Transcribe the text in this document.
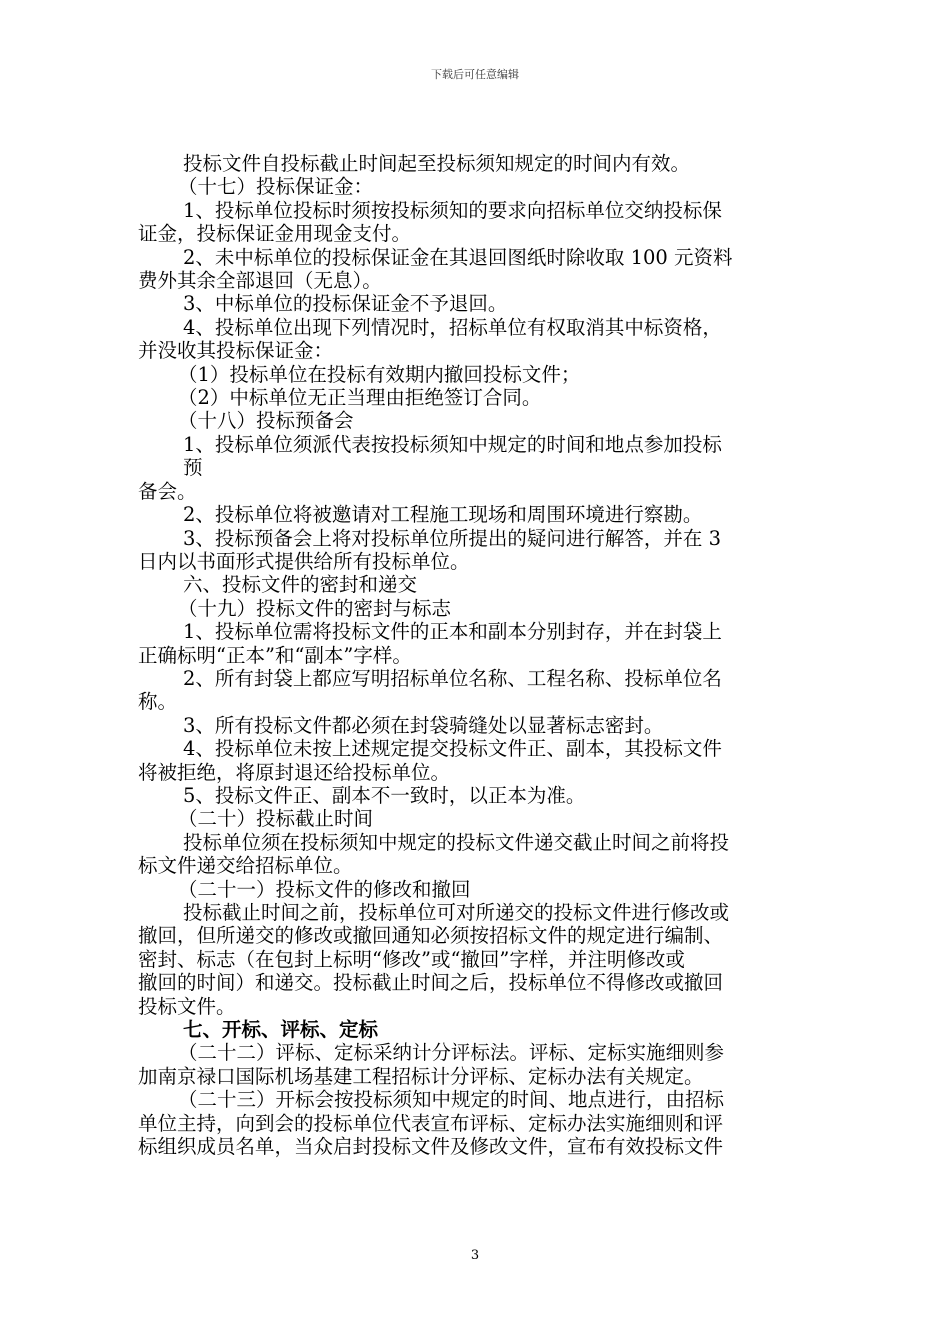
下载后可任意编辑

投标文件自投标截止时间起至投标须知规定的时间内有效。

（十七）投标保证金：

1、投标单位投标时须按投标须知的要求向招标单位交纳投标保

证金，投标保证金用现金支付。

2、未中标单位的投标保证金在其退回图纸时除收取 100 元资料

费外其余全部退回（无息）。

3、中标单位的投标保证金不予退回。

4、投标单位出现下列情况时，招标单位有权取消其中标资格，

并没收其投标保证金：

（1）投标单位在投标有效期内撤回投标文件；

（2）中标单位无正当理由拒绝签订合同。

（十八）投标预备会

1、投标单位须派代表按投标须知中规定的时间和地点参加投标

预

备会。

2、投标单位将被邀请对工程施工现场和周围环境进行察勘。

3、投标预备会上将对投标单位所提出的疑问进行解答，并在 3

日内以书面形式提供给所有投标单位。

六、投标文件的密封和递交

（十九）投标文件的密封与标志

1、投标单位需将投标文件的正本和副本分别封存，并在封袋上

正确标明“正本”和“副本”字样。

2、所有封袋上都应写明招标单位名称、工程名称、投标单位名

称。

3、所有投标文件都必须在封袋骑缝处以显著标志密封。

4、投标单位未按上述规定提交投标文件正、副本，其投标文件

将被拒绝，将原封退还给投标单位。

5、投标文件正、副本不一致时，以正本为准。

（二十）投标截止时间

投标单位须在投标须知中规定的投标文件递交截止时间之前将投

标文件递交给招标单位。

（二十一）投标文件的修改和撤回

投标截止时间之前，投标单位可对所递交的投标文件进行修改或

撤回，但所递交的修改或撤回通知必须按招标文件的规定进行编制、

密封、标志（在包封上标明“修改”或“撤回”字样，并注明修改或

撤回的时间）和递交。投标截止时间之后，投标单位不得修改或撤回

投标文件。

七、开标、评标、定标

（二十二）评标、定标采纳计分评标法。评标、定标实施细则参

加南京禄口国际机场基建工程招标计分评标、定标办法有关规定。

（二十三）开标会按投标须知中规定的时间、地点进行，由招标

单位主持，向到会的投标单位代表宣布评标、定标办法实施细则和评

标组织成员名单，当众启封投标文件及修改文件，宣布有效投标文件

3
